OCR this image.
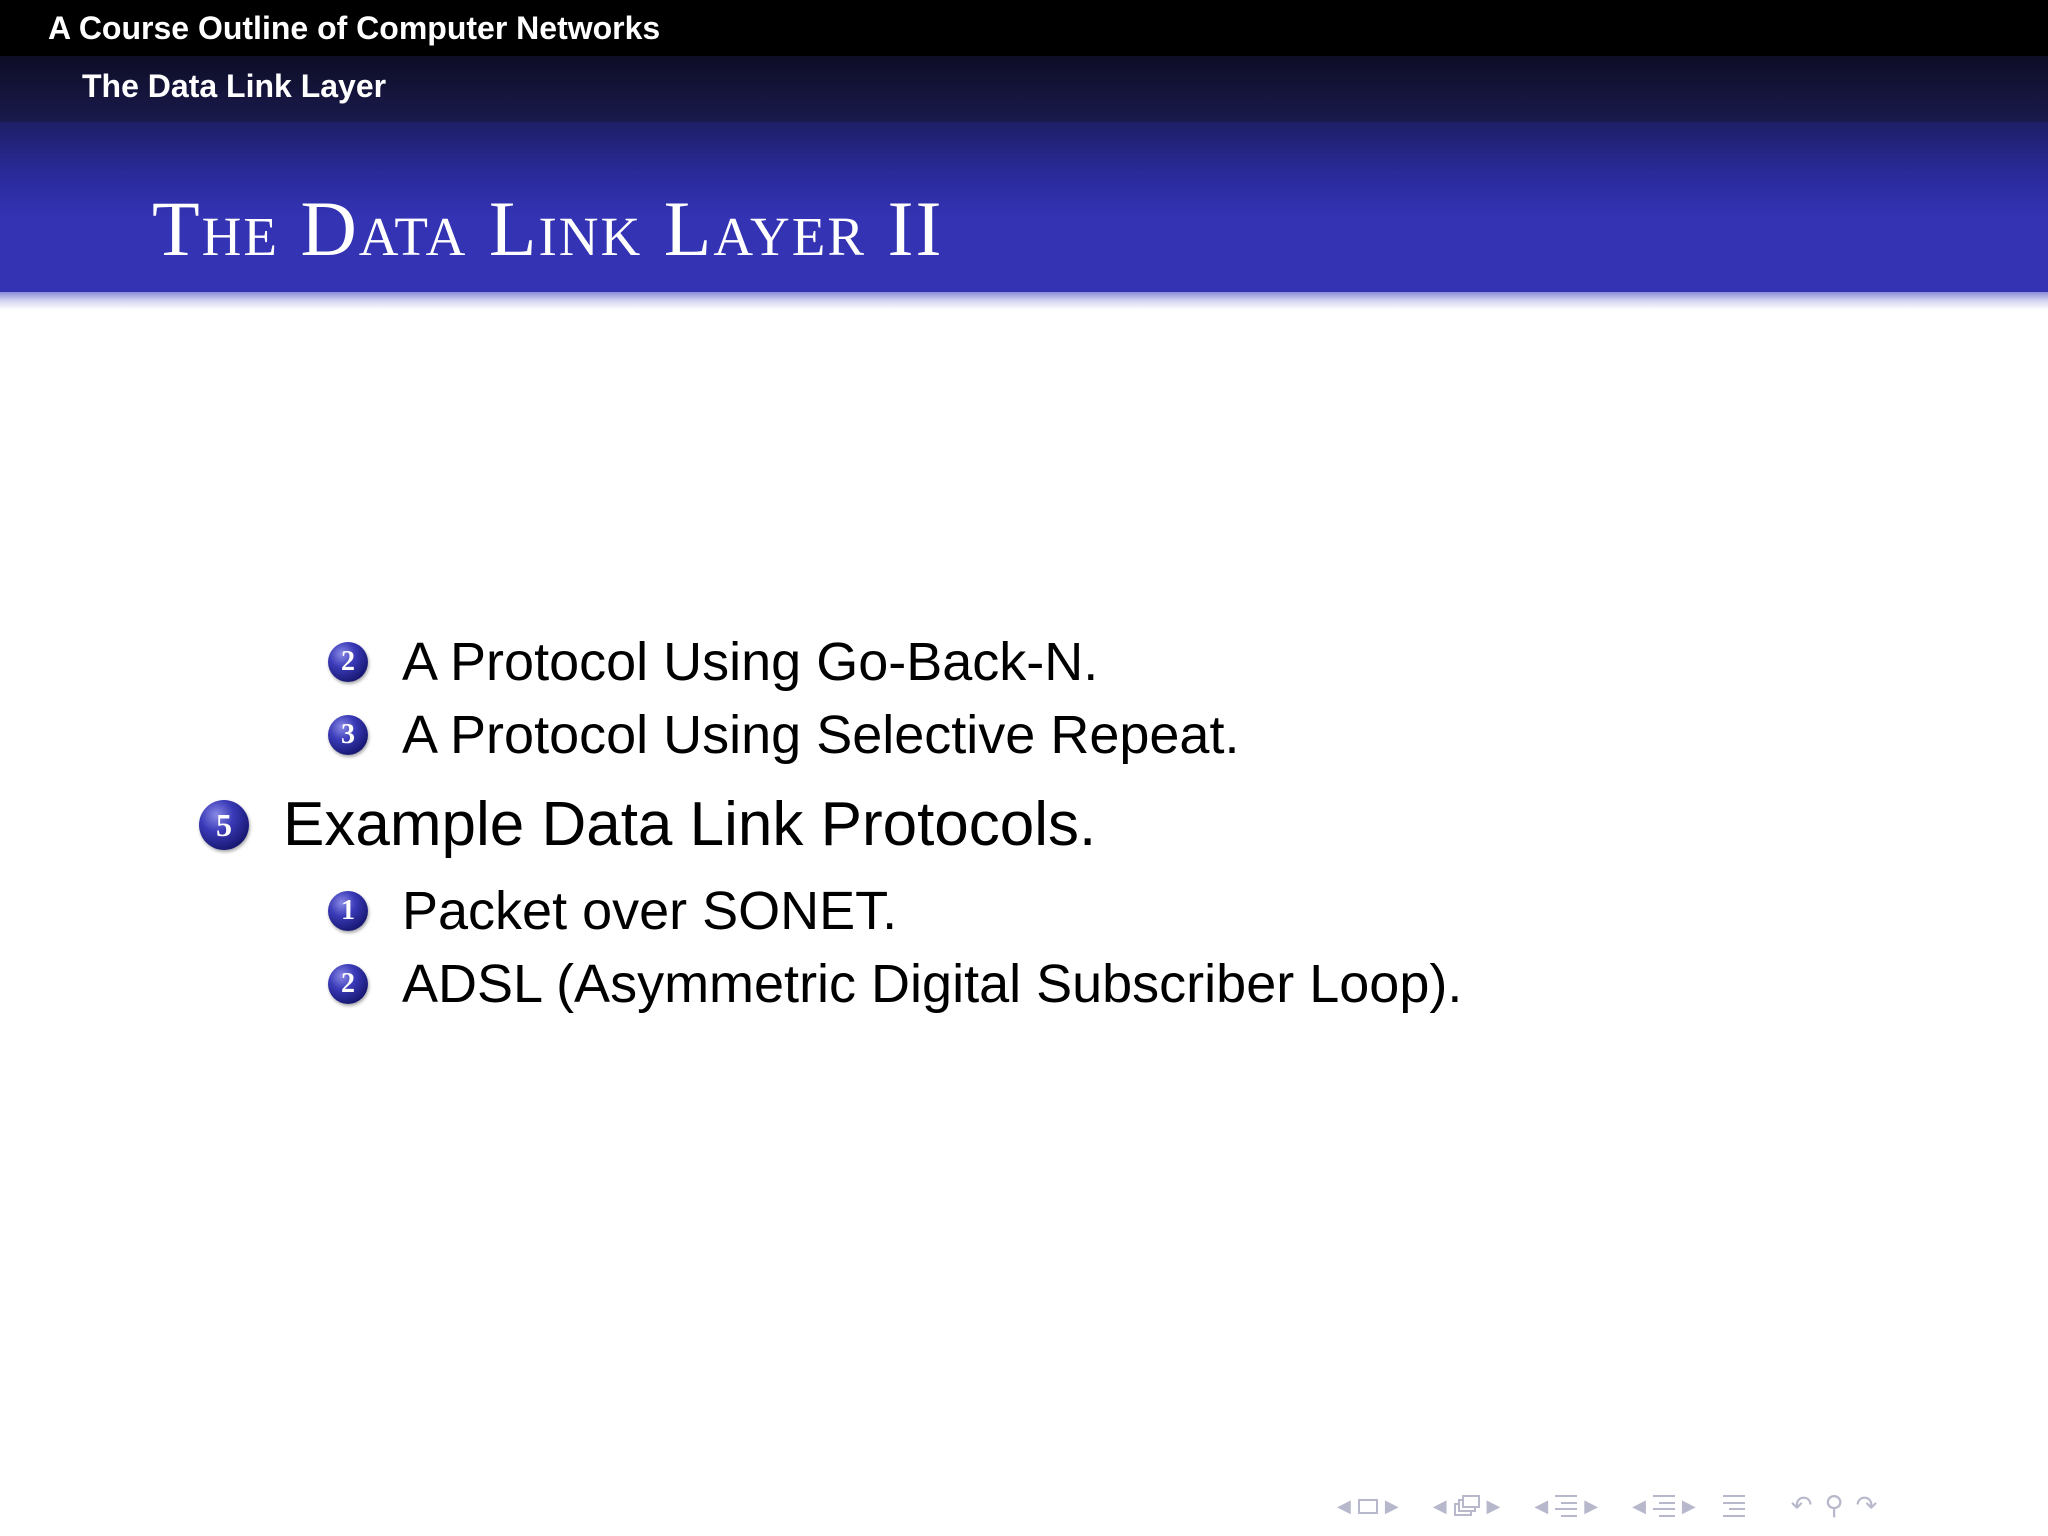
A Course Outline of Computer Networks
The Data Link Layer
The Data Link Layer II
2 A Protocol Using Go-Back-N.
3 A Protocol Using Selective Repeat.
5 Example Data Link Protocols.
1 Packet over SONET.
2 ADSL (Asymmetric Digital Subscriber Loop).
◀ ▶ ◀ ▶ ◀ ▶ ◀ ▶	↶ ⚲ ↷
